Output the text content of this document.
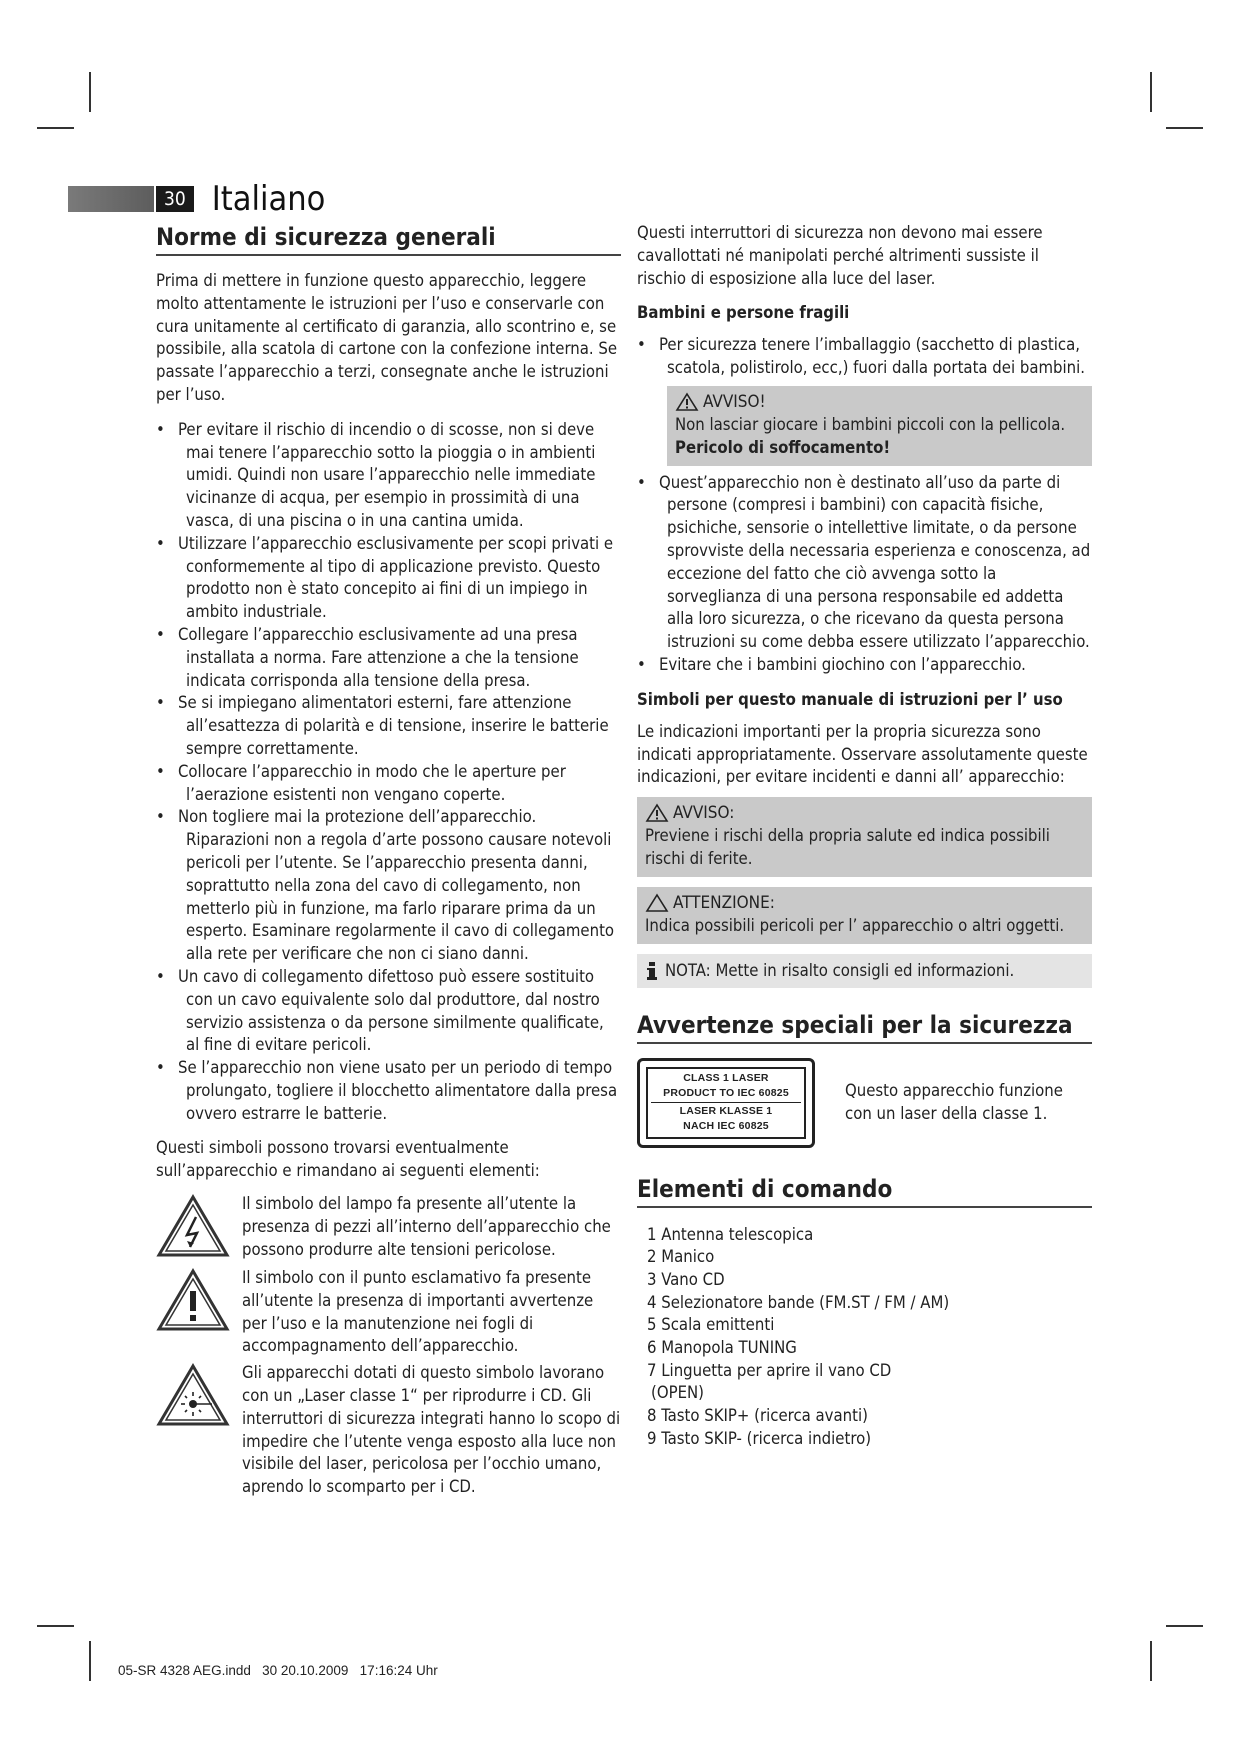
30 Italiano
Norme di sicurezza generali

Prima di mettere in funzione questo apparecchio, leggere molto attentamente le istruzioni per l’uso e conservarle con cura unitamente al certificato di garanzia, allo scontrino e, se possibile, alla scatola di cartone con la confezione interna. Se passate l’apparecchio a terzi, consegnate anche le istruzioni per l’uso.

• Per evitare il rischio di incendio o di scosse, non si deve mai tenere l’apparecchio sotto la pioggia o in ambienti umidi. Quindi non usare l’apparecchio nelle immediate vicinanze di acqua, per esempio in prossimità di una vasca, di una piscina o in una cantina umida.
• Utilizzare l’apparecchio esclusivamente per scopi privati e conformemente al tipo di applicazione previsto. Questo prodotto non è stato concepito ai fini di un impiego in ambito industriale.
• Collegare l’apparecchio esclusivamente ad una presa installata a norma. Fare attenzione a che la tensione indicata corrisponda alla tensione della presa.
• Se si impiegano alimentatori esterni, fare attenzione all’esattezza di polarità e di tensione, inserire le batterie sempre correttamente.
• Collocare l’apparecchio in modo che le aperture per l’aerazione esistenti non vengano coperte.
• Non togliere mai la protezione dell’apparecchio. Riparazioni non a regola d’arte possono causare notevoli pericoli per l’utente. Se l’apparecchio presenta danni, soprattutto nella zona del cavo di collegamento, non metterlo più in funzione, ma farlo riparare prima da un esperto. Esaminare regolarmente il cavo di collegamento alla rete per verificare che non ci siano danni.
• Un cavo di collegamento difettoso può essere sostituito con un cavo equivalente solo dal produttore, dal nostro servizio assistenza o da persone similmente qualificate, al fine di evitare pericoli.
• Se l’apparecchio non viene usato per un periodo di tempo prolungato, togliere il blocchetto alimentatore dalla presa ovvero estrarre le batterie.

Questi simboli possono trovarsi eventualmente sull’apparecchio e rimandano ai seguenti elementi:

Il simbolo del lampo fa presente all’utente la presenza di pezzi all’interno dell’apparecchio che possono produrre alte tensioni pericolose.

Il simbolo con il punto esclamativo fa presente all’utente la presenza di importanti avvertenze per l’uso e la manutenzione nei fogli di accompagnamento dell’apparecchio.

Gli apparecchi dotati di questo simbolo lavorano con un „Laser classe 1“ per riprodurre i CD. Gli interruttori di sicurezza integrati hanno lo scopo di impedire che l’utente venga esposto alla luce non visibile del laser, pericolosa per l’occhio umano, aprendo lo scomparto per i CD.

Questi interruttori di sicurezza non devono mai essere cavallottati né manipolati perché altrimenti sussiste il rischio di esposizione alla luce del laser.

Bambini e persone fragili

• Per sicurezza tenere l’imballaggio (sacchetto di plastica, scatola, polistirolo, ecc,) fuori dalla portata dei bambini.
AVVISO!

Non lasciar giocare i bambini piccoli con la pellicola. Pericolo di soffocamento!

• Quest’apparecchio non è destinato all’uso da parte di persone (compresi i bambini) con capacità fisiche, psichiche, sensorie o intellettive limitate, o da persone sprovviste della necessaria esperienza e conoscenza, ad eccezione del fatto che ciò avvenga sotto la sorveglianza di una persona responsabile ed addetta alla loro sicurezza, o che ricevano da questa persona istruzioni su come debba essere utilizzato l’apparecchio.
• Evitare che i bambini giochino con l’apparecchio.

Simboli per questo manuale di istruzioni per l’ uso

Le indicazioni importanti per la propria sicurezza sono indicati appropriatamente. Osservare assolutamente queste indicazioni, per evitare incidenti e danni all’ apparecchio:

AVVISO:

Previene i rischi della propria salute ed indica possibili rischi di ferite.

ATTENZIONE:

Indica possibili pericoli per l’ apparecchio o altri oggetti.

NOTA: Mette in risalto consigli ed informazioni.
Avvertenze speciali per la sicurezza
CLASS 1 LASER
PRODUCT TO IEC 60825
LASER KLASSE 1
NACH IEC 60825

Questo apparecchio funzione con un laser della classe 1.

Elementi di comando
1 Antenna telescopica
2 Manico
3 Vano CD
4 Selezionatore bande (FM.ST / FM / AM)
5 Scala emittenti
6 Manopola TUNING
7 Linguetta per aprire il vano CD
(OPEN)
8 Tasto SKIP+ (ricerca avanti)
9 Tasto SKIP- (ricerca indietro)
05-SR 4328 AEG.indd   30 20.10.2009   17:16:24 Uhr
